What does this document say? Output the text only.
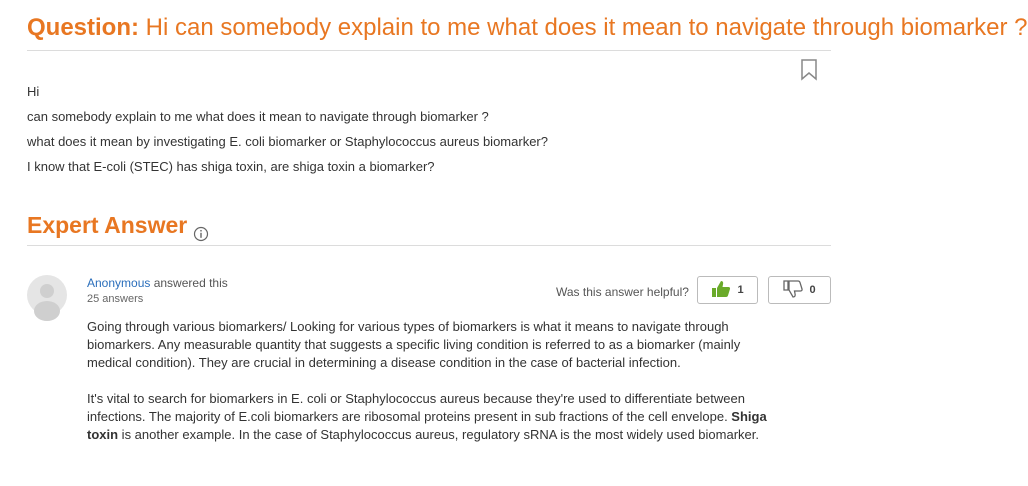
Question: Hi can somebody explain to me what does it mean to navigate through biomarker ?
Hi
can somebody explain to me what does it mean to navigate through biomarker ?
what does it mean by investigating E. coli biomarker or Staphylococcus aureus biomarker?
I know that E-coli (STEC) has shiga toxin, are shiga toxin a biomarker?
Expert Answer
Anonymous answered this
25 answers	Was this answer helpful?	1	0

Going through various biomarkers/ Looking for various types of biomarkers is what it means to navigate through biomarkers. Any measurable quantity that suggests a specific living condition is referred to as a biomarker (mainly medical condition). They are crucial in determining a disease condition in the case of bacterial infection.

It's vital to search for biomarkers in E. coli or Staphylococcus aureus because they're used to differentiate between infections. The majority of E.coli biomarkers are ribosomal proteins present in sub fractions of the cell envelope. Shiga toxin is another example. In the case of Staphylococcus aureus, regulatory sRNA is the most widely used biomarker.
